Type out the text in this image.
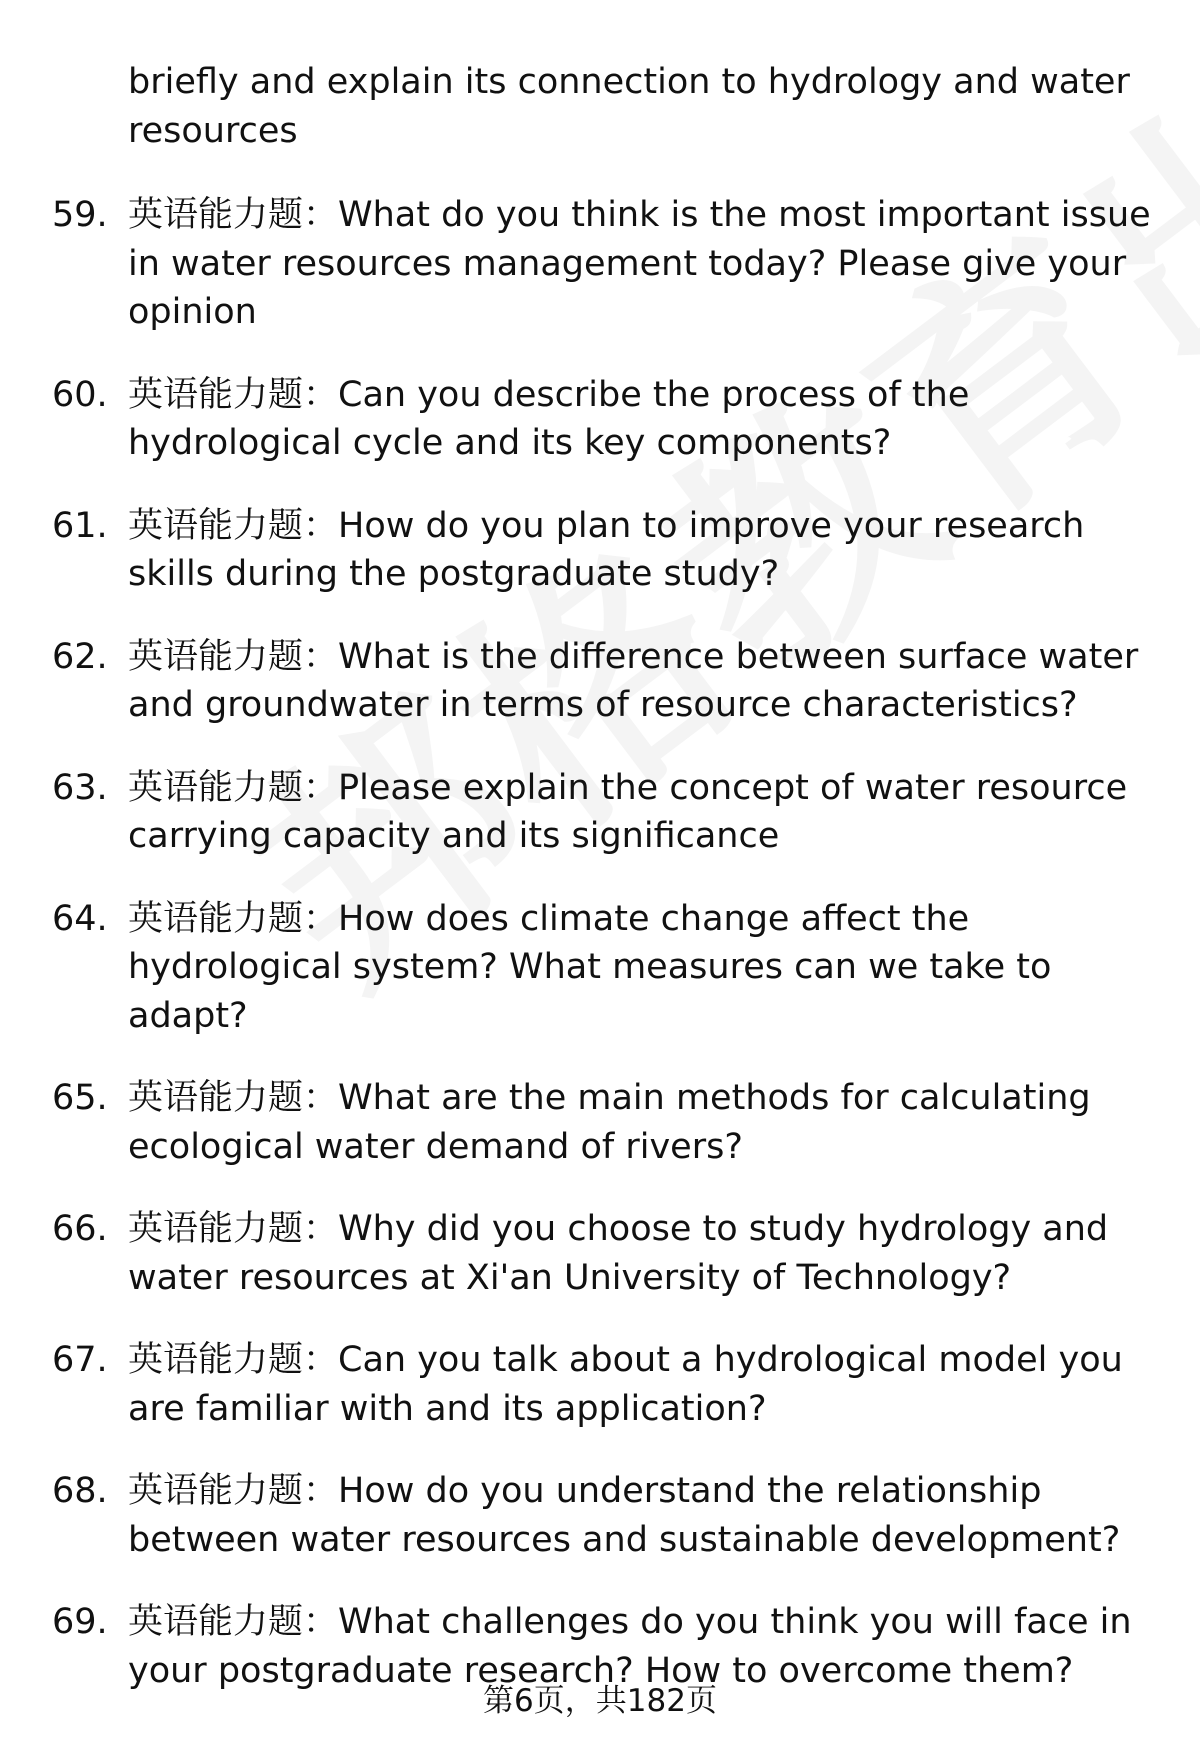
briefly and explain its connection to hydrology and water resources
59. 英语能力题：What do you think is the most important issue in water resources management today? Please give your opinion
60. 英语能力题：Can you describe the process of the hydrological cycle and its key components?
61. 英语能力题：How do you plan to improve your research skills during the postgraduate study?
62. 英语能力题：What is the difference between surface water and groundwater in terms of resource characteristics?
63. 英语能力题：Please explain the concept of water resource carrying capacity and its significance
64. 英语能力题：How does climate change affect the hydrological system? What measures can we take to adapt?
65. 英语能力题：What are the main methods for calculating ecological water demand of rivers?
66. 英语能力题：Why did you choose to study hydrology and water resources at Xi'an University of Technology?
67. 英语能力题：Can you talk about a hydrological model you are familiar with and its application?
68. 英语能力题：How do you understand the relationship between water resources and sustainable development?
69. 英语能力题：What challenges do you think you will face in your postgraduate research? How to overcome them?
第6页，共182页
